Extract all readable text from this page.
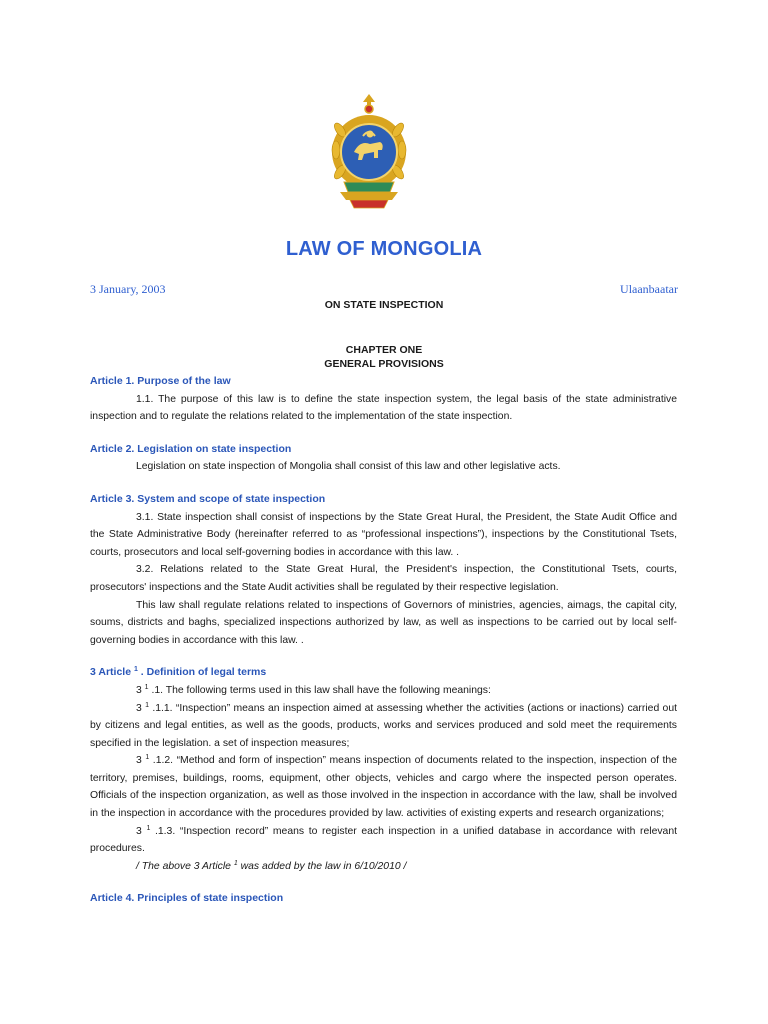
LAW OF MONGOLIA
3 January, 2003	Ulaanbaatar
ON STATE INSPECTION
CHAPTER ONE
GENERAL PROVISIONS

Article 1. Purpose of the law

1.1. The purpose of this law is to define the state inspection system, the legal basis of the state administrative inspection and to regulate the relations related to the implementation of the state inspection.

Article 2. Legislation on state inspection

Legislation on state inspection of Mongolia shall consist of this law and other legislative acts.

Article 3. System and scope of state inspection

3.1. State inspection shall consist of inspections by the State Great Hural, the President, the State Audit Office and the State Administrative Body (hereinafter referred to as “professional inspections”), inspections by the Constitutional Tsets, courts, prosecutors and local self-governing bodies in accordance with this law. .

3.2. Relations related to the State Great Hural, the President's inspection, the Constitutional Tsets, courts, prosecutors' inspections and the State Audit activities shall be regulated by their respective legislation.

This law shall regulate relations related to inspections of Governors of ministries, agencies, aimags, the capital city, soums, districts and baghs, specialized inspections authorized by law, as well as inspections to be carried out by local self-governing bodies in accordance with this law. .

3 Article $^1$ . Definition of legal terms

3 $^1$ .1. The following terms used in this law shall have the following meanings:

3 $^1$ .1.1. “Inspection” means an inspection aimed at assessing whether the activities (actions or inactions) carried out by citizens and legal entities, as well as the goods, products, works and services produced and sold meet the requirements specified in the legislation. a set of inspection measures;

3 $^1$ .1.2. “Method and form of inspection” means inspection of documents related to the inspection, inspection of the territory, premises, buildings, rooms, equipment, other objects, vehicles and cargo where the inspected person operates. Officials of the inspection organization, as well as those involved in the inspection in accordance with the law, shall be involved in the inspection in accordance with the procedures provided by law. activities of existing experts and research organizations;

3 $^1$ .1.3. “Inspection record” means to register each inspection in a unified database in accordance with relevant procedures.

/ The above 3 Article $^1$ was added by the law in 6/10/2010 /

Article 4. Principles of state inspection
